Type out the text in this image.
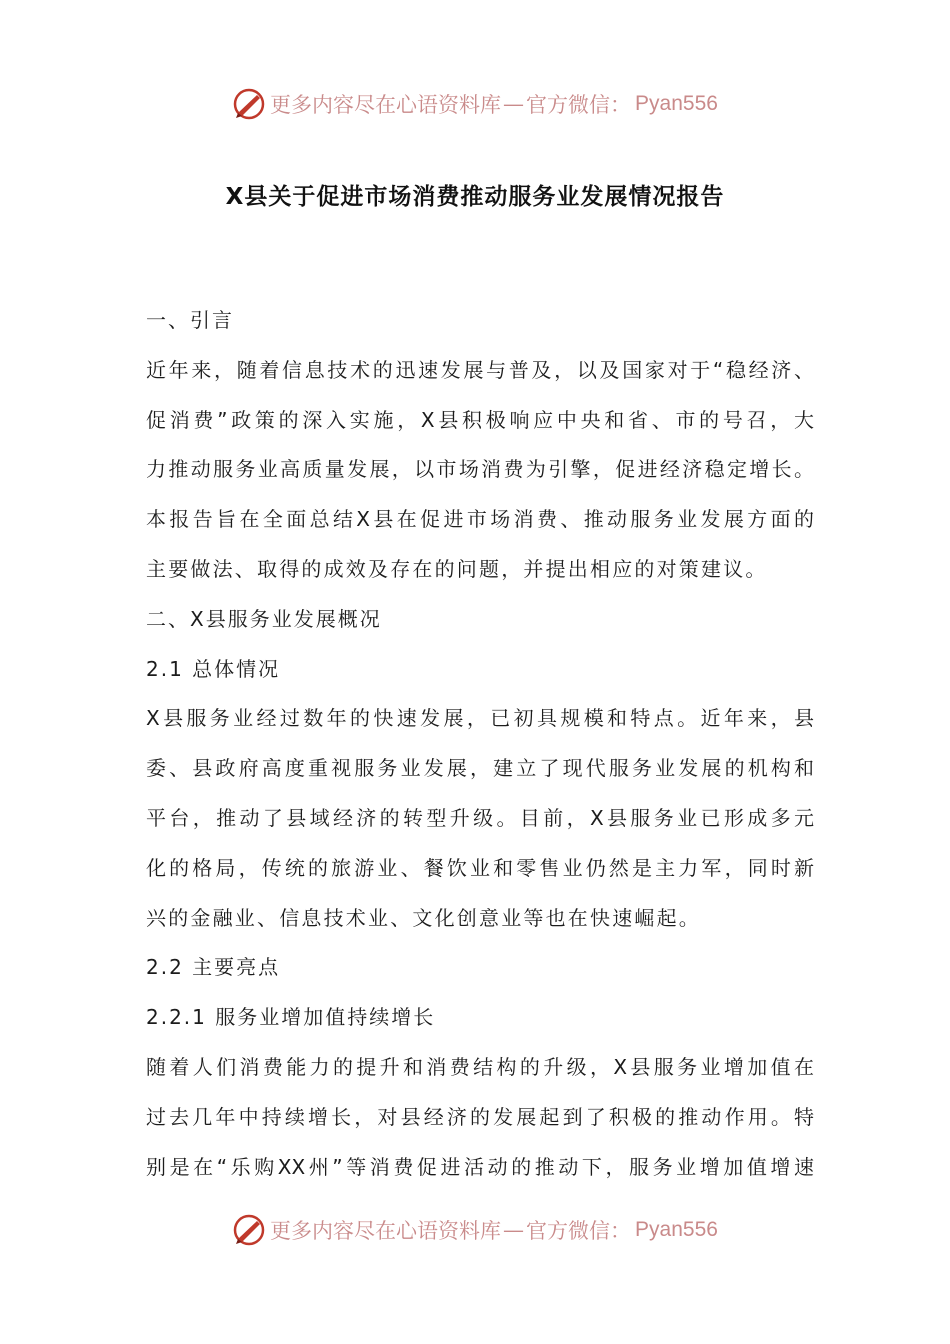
更多内容尽在心语资料库 — 官方微信： Pyan556
X县关于促进市场消费推动服务业发展情况报告
一、引言
近年来，随着信息技术的迅速发展与普及，以及国家对于“稳经济、
促消费”政策的深入实施，X县积极响应中央和省、市的号召，大
力推动服务业高质量发展，以市场消费为引擎，促进经济稳定增长。
本报告旨在全面总结X县在促进市场消费、推动服务业发展方面的
主要做法、取得的成效及存在的问题，并提出相应的对策建议。
二、X县服务业发展概况
2.1 总体情况
X县服务业经过数年的快速发展，已初具规模和特点。近年来，县
委、县政府高度重视服务业发展，建立了现代服务业发展的机构和
平台，推动了县域经济的转型升级。目前，X县服务业已形成多元
化的格局，传统的旅游业、餐饮业和零售业仍然是主力军，同时新
兴的金融业、信息技术业、文化创意业等也在快速崛起。
2.2 主要亮点
2.2.1 服务业增加值持续增长
随着人们消费能力的提升和消费结构的升级，X县服务业增加值在
过去几年中持续增长，对县经济的发展起到了积极的推动作用。特
别是在“乐购XX州”等消费促进活动的推动下，服务业增加值增速
更多内容尽在心语资料库 — 官方微信： Pyan556
